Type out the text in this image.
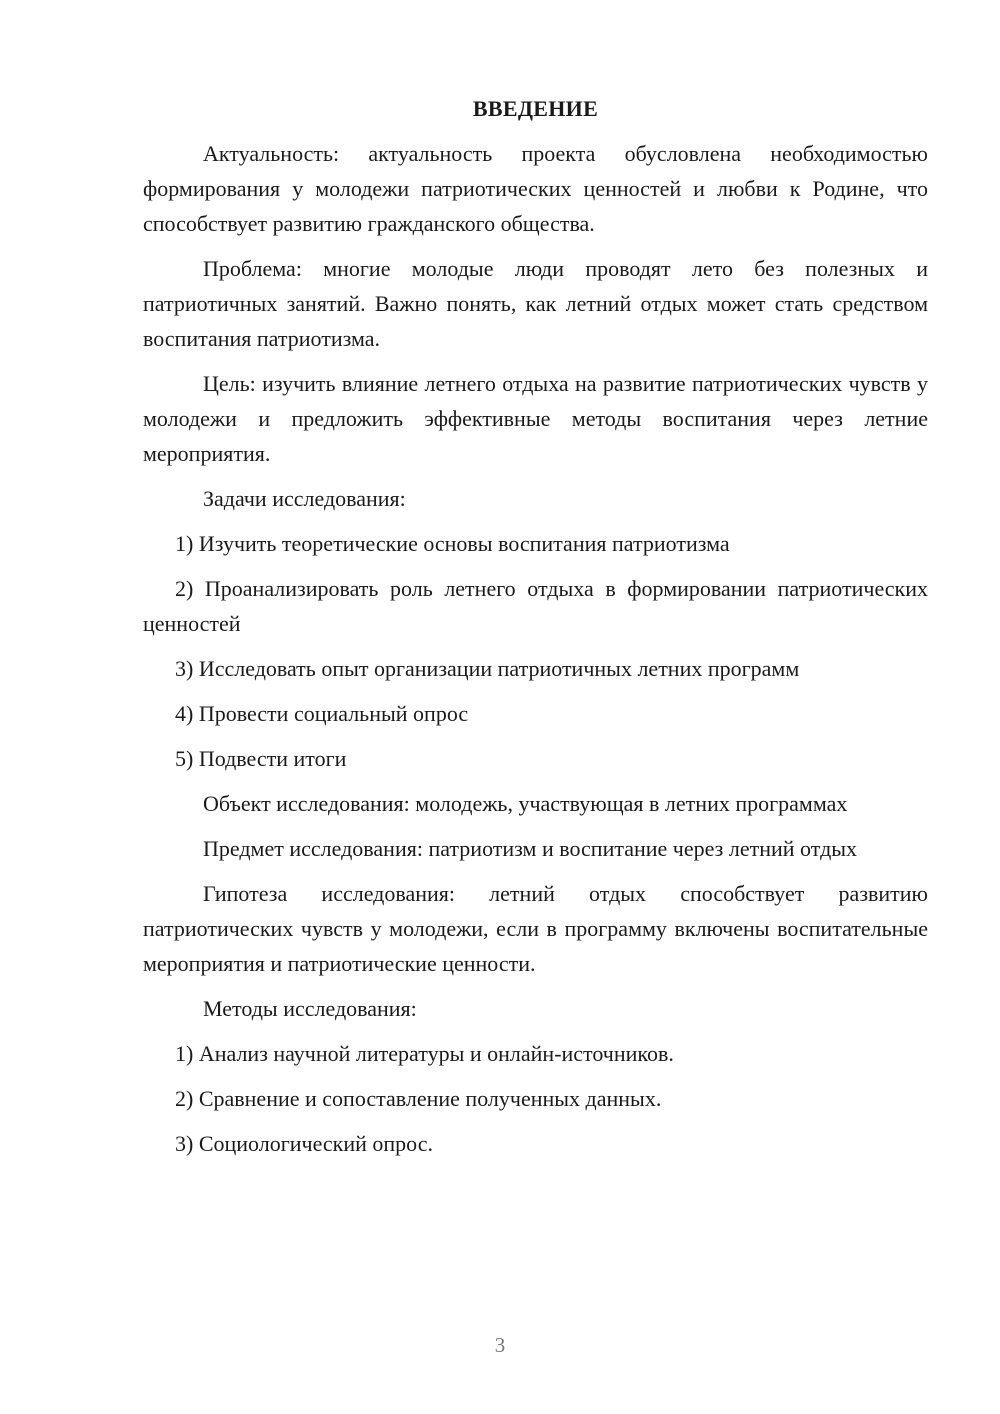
ВВЕДЕНИЕ

Актуальность: актуальность проекта обусловлена необходимостью формирования у молодежи патриотических ценностей и любви к Родине, что способствует развитию гражданского общества.

Проблема: многие молодые люди проводят лето без полезных и патриотичных занятий. Важно понять, как летний отдых может стать средством воспитания патриотизма.

Цель: изучить влияние летнего отдыха на развитие патриотических чувств у молодежи и предложить эффективные методы воспитания через летние мероприятия.

Задачи исследования:

1) Изучить теоретические основы воспитания патриотизма

2) Проанализировать роль летнего отдыха в формировании патриотических ценностей

3) Исследовать опыт организации патриотичных летних программ

4) Провести социальный опрос

5) Подвести итоги

Объект исследования: молодежь, участвующая в летних программах

Предмет исследования: патриотизм и воспитание через летний отдых

Гипотеза исследования: летний отдых способствует развитию патриотических чувств у молодежи, если в программу включены воспитательные мероприятия и патриотические ценности.

Методы исследования:

1) Анализ научной литературы и онлайн-источников.

2) Сравнение и сопоставление полученных данных.

3) Социологический опрос.

3
